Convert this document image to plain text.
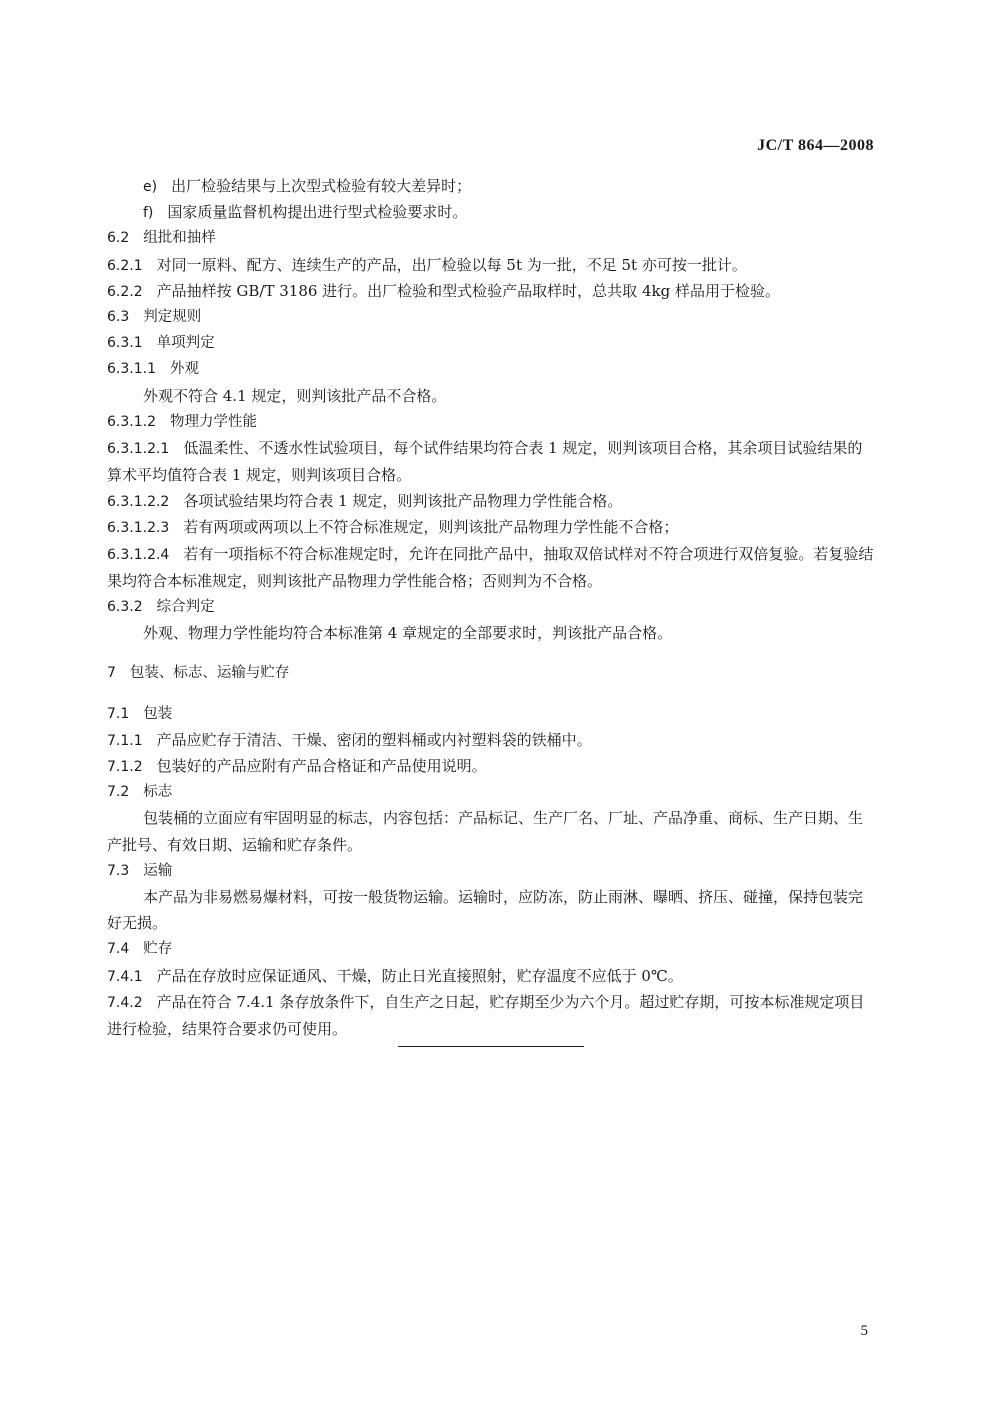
JC/T 864—2008
e) 出厂检验结果与上次型式检验有较大差异时；
f) 国家质量监督机构提出进行型式检验要求时。
6.2 组批和抽样
6.2.1 对同一原料、配方、连续生产的产品，出厂检验以每 5t 为一批，不足 5t 亦可按一批计。
6.2.2 产品抽样按 GB/T 3186 进行。出厂检验和型式检验产品取样时，总共取 4kg 样品用于检验。
6.3 判定规则
6.3.1 单项判定
6.3.1.1 外观
外观不符合 4.1 规定，则判该批产品不合格。
6.3.1.2 物理力学性能
6.3.1.2.1 低温柔性、不透水性试验项目，每个试件结果均符合表 1 规定，则判该项目合格，其余项目试验结果的算术平均值符合表 1 规定，则判该项目合格。
6.3.1.2.2 各项试验结果均符合表 1 规定，则判该批产品物理力学性能合格。
6.3.1.2.3 若有两项或两项以上不符合标准规定，则判该批产品物理力学性能不合格；
6.3.1.2.4 若有一项指标不符合标准规定时，允许在同批产品中，抽取双倍试样对不符合项进行双倍复验。若复验结果均符合本标准规定，则判该批产品物理力学性能合格；否则判为不合格。
6.3.2 综合判定
外观、物理力学性能均符合本标准第 4 章规定的全部要求时，判该批产品合格。
7 包装、标志、运输与贮存
7.1 包装
7.1.1 产品应贮存于清洁、干燥、密闭的塑料桶或内衬塑料袋的铁桶中。
7.1.2 包装好的产品应附有产品合格证和产品使用说明。
7.2 标志
包装桶的立面应有牢固明显的标志，内容包括：产品标记、生产厂名、厂址、产品净重、商标、生产日期、生产批号、有效日期、运输和贮存条件。
7.3 运输
本产品为非易燃易爆材料，可按一般货物运输。运输时，应防冻，防止雨淋、曝晒、挤压、碰撞，保持包装完好无损。
7.4 贮存
7.4.1 产品在存放时应保证通风、干燥，防止日光直接照射，贮存温度不应低于 0℃。
7.4.2 产品在符合 7.4.1 条存放条件下，自生产之日起，贮存期至少为六个月。超过贮存期，可按本标准规定项目进行检验，结果符合要求仍可使用。
5
